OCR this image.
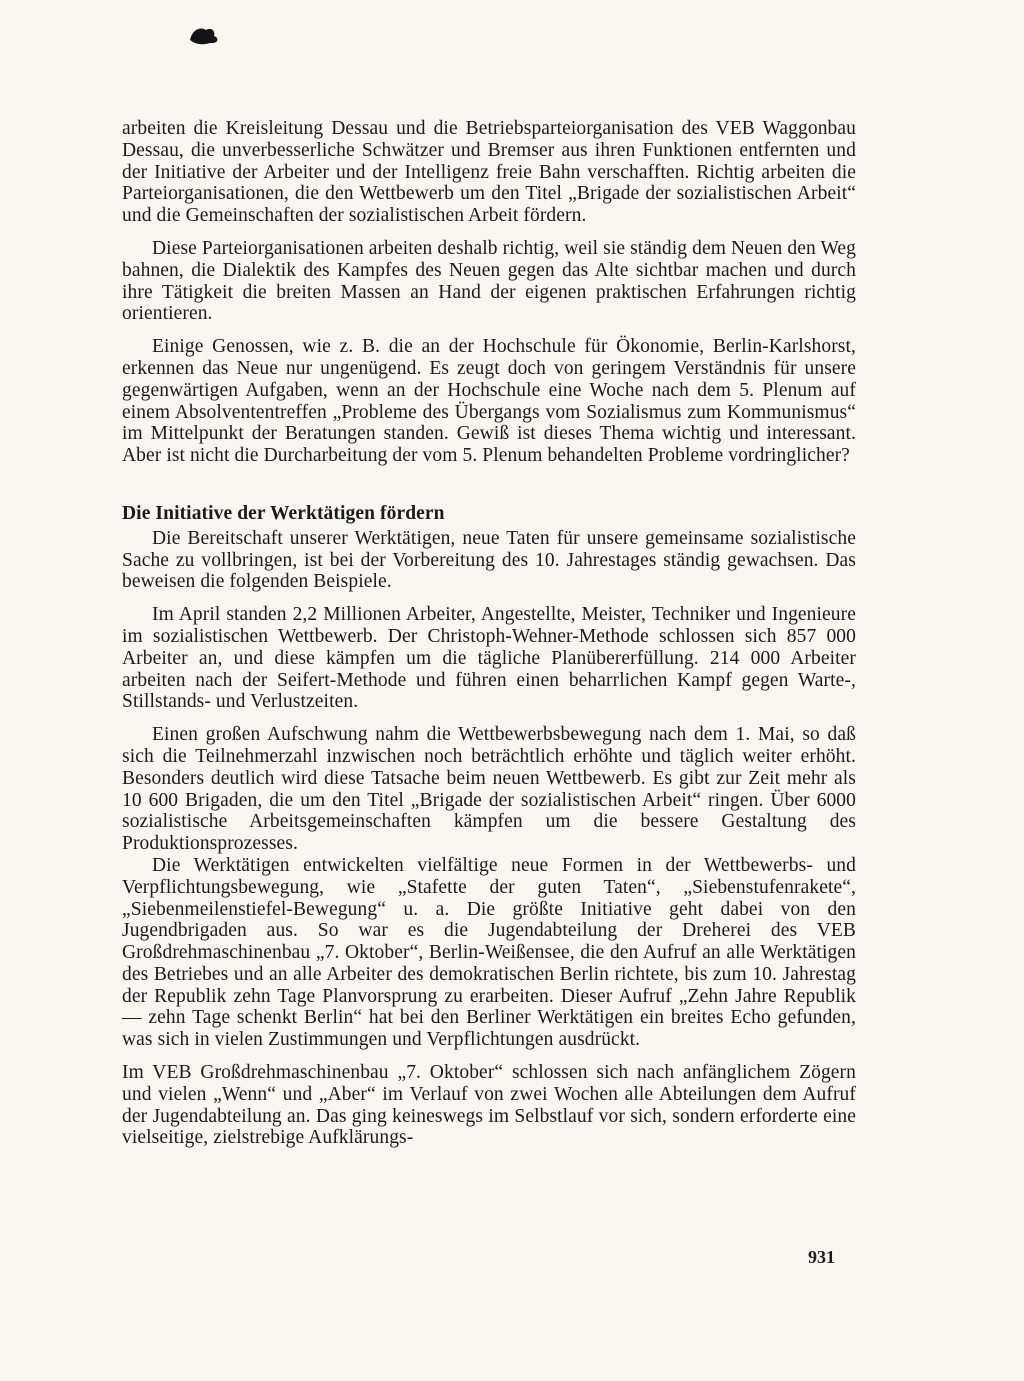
arbeiten die Kreisleitung Dessau und die Betriebsparteiorganisation des VEB Waggonbau Dessau, die unverbesserliche Schwätzer und Bremser aus ihren Funktionen entfernten und der Initiative der Arbeiter und der Intelligenz freie Bahn verschafften. Richtig arbeiten die Parteiorganisationen, die den Wettbewerb um den Titel „Brigade der sozialistischen Arbeit“ und die Gemeinschaften der sozialistischen Arbeit fördern.

Diese Parteiorganisationen arbeiten deshalb richtig, weil sie ständig dem Neuen den Weg bahnen, die Dialektik des Kampfes des Neuen gegen das Alte sichtbar machen und durch ihre Tätigkeit die breiten Massen an Hand der eigenen praktischen Erfahrungen richtig orientieren.

Einige Genossen, wie z. B. die an der Hochschule für Ökonomie, Berlin-Karlshorst, erkennen das Neue nur ungenügend. Es zeugt doch von geringem Verständnis für unsere gegenwärtigen Aufgaben, wenn an der Hochschule eine Woche nach dem 5. Plenum auf einem Absolvententreffen „Probleme des Übergangs vom Sozialismus zum Kommunismus“ im Mittelpunkt der Beratungen standen. Gewiß ist dieses Thema wichtig und interessant. Aber ist nicht die Durcharbeitung der vom 5. Plenum behandelten Probleme vordringlicher?

Die Initiative der Werktätigen fördern

Die Bereitschaft unserer Werktätigen, neue Taten für unsere gemeinsame sozialistische Sache zu vollbringen, ist bei der Vorbereitung des 10. Jahrestages ständig gewachsen. Das beweisen die folgenden Beispiele.

Im April standen 2,2 Millionen Arbeiter, Angestellte, Meister, Techniker und Ingenieure im sozialistischen Wettbewerb. Der Christoph-Wehner-Methode schlossen sich 857 000 Arbeiter an, und diese kämpfen um die tägliche Planübererfüllung. 214 000 Arbeiter arbeiten nach der Seifert-Methode und führen einen beharrlichen Kampf gegen Warte-, Stillstands- und Verlustzeiten.

Einen großen Aufschwung nahm die Wettbewerbsbewegung nach dem 1. Mai, so daß sich die Teilnehmerzahl inzwischen noch beträchtlich erhöhte und täglich weiter erhöht. Besonders deutlich wird diese Tatsache beim neuen Wettbewerb. Es gibt zur Zeit mehr als 10 600 Brigaden, die um den Titel „Brigade der sozialistischen Arbeit“ ringen. Über 6000 sozialistische Arbeitsgemeinschaften kämpfen um die bessere Gestaltung des Produktionsprozesses.

Die Werktätigen entwickelten vielfältige neue Formen in der Wettbewerbs- und Verpflichtungsbewegung, wie „Stafette der guten Taten“, „Siebenstufenrakete“, „Siebenmeilenstiefel-Bewegung“ u. a. Die größte Initiative geht dabei von den Jugendbrigaden aus. So war es die Jugendabteilung der Dreherei des VEB Großdrehmaschinenbau „7. Oktober“, Berlin-Weißensee, die den Aufruf an alle Werktätigen des Betriebes und an alle Arbeiter des demokratischen Berlin richtete, bis zum 10. Jahrestag der Republik zehn Tage Planvorsprung zu erarbeiten. Dieser Aufruf „Zehn Jahre Republik — zehn Tage schenkt Berlin“ hat bei den Berliner Werktätigen ein breites Echo gefunden, was sich in vielen Zustimmungen und Verpflichtungen ausdrückt.

Im VEB Großdrehmaschinenbau „7. Oktober“ schlossen sich nach anfänglichem Zögern und vielen „Wenn“ und „Aber“ im Verlauf von zwei Wochen alle Abteilungen dem Aufruf der Jugendabteilung an. Das ging keineswegs im Selbstlauf vor sich, sondern erforderte eine vielseitige, zielstrebige Aufklärungs-

931
